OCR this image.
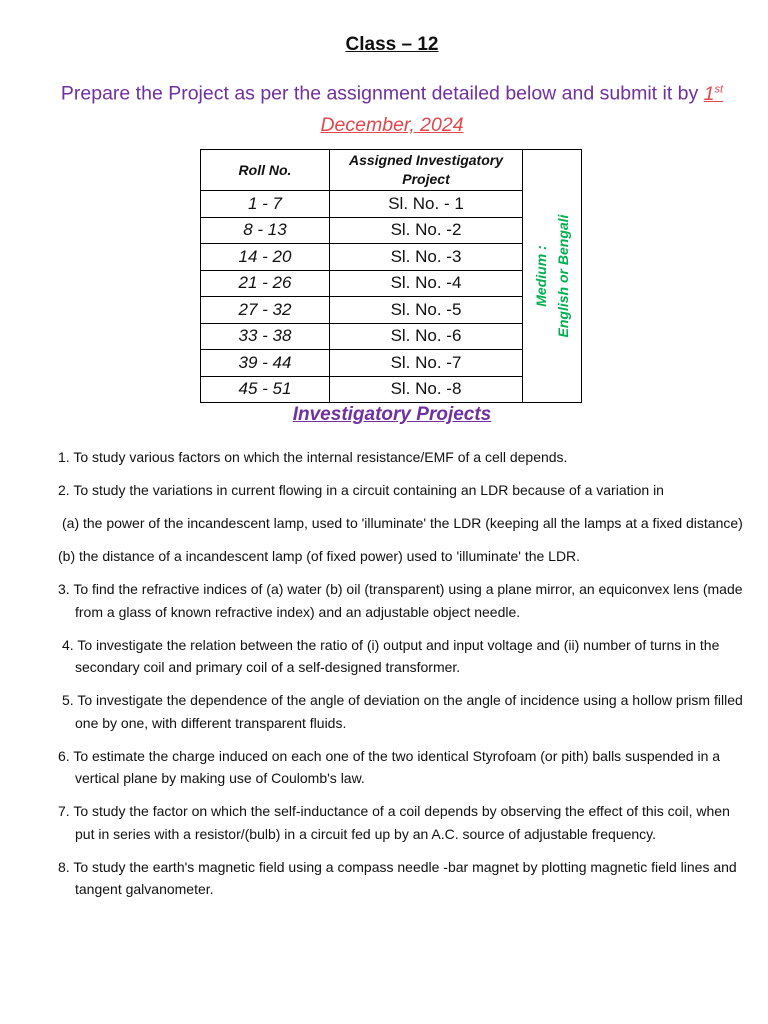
Class – 12
Prepare the Project as per the assignment detailed below and submit it by 1st December, 2024
Roll No.	Assigned Investigatory Project	Medium : English or Bengali

1 - 7	Sl. No. - 1	
8 - 13	Sl. No. -2	
14 - 20	Sl. No. -3	
21 - 26	Sl. No. -4	
27 - 32	Sl. No. -5	
33 - 38	Sl. No. -6	
39 - 44	Sl. No. -7	
45 - 51	Sl. No. -8	
Investigatory Projects
1. To study various factors on which the internal resistance/EMF of a cell depends.
2. To study the variations in current flowing in a circuit containing an LDR because of a variation in
(a) the power of the incandescent lamp, used to 'illuminate' the LDR (keeping all the lamps at a fixed distance)
(b) the distance of a incandescent lamp (of fixed power) used to 'illuminate' the LDR.
3. To find the refractive indices of (a) water (b) oil (transparent) using a plane mirror, an equiconvex lens (made from a glass of known refractive index) and an adjustable object needle.
4. To investigate the relation between the ratio of (i) output and input voltage and (ii) number of turns in the secondary coil and primary coil of a self-designed transformer.
5. To investigate the dependence of the angle of deviation on the angle of incidence using a hollow prism filled one by one, with different transparent fluids.
6. To estimate the charge induced on each one of the two identical Styrofoam (or pith) balls suspended in a vertical plane by making use of Coulomb's law.
7. To study the factor on which the self-inductance of a coil depends by observing the effect of this coil, when put in series with a resistor/(bulb) in a circuit fed up by an A.C. source of adjustable frequency.
8. To study the earth's magnetic field using a compass needle -bar magnet by plotting magnetic field lines and tangent galvanometer.
